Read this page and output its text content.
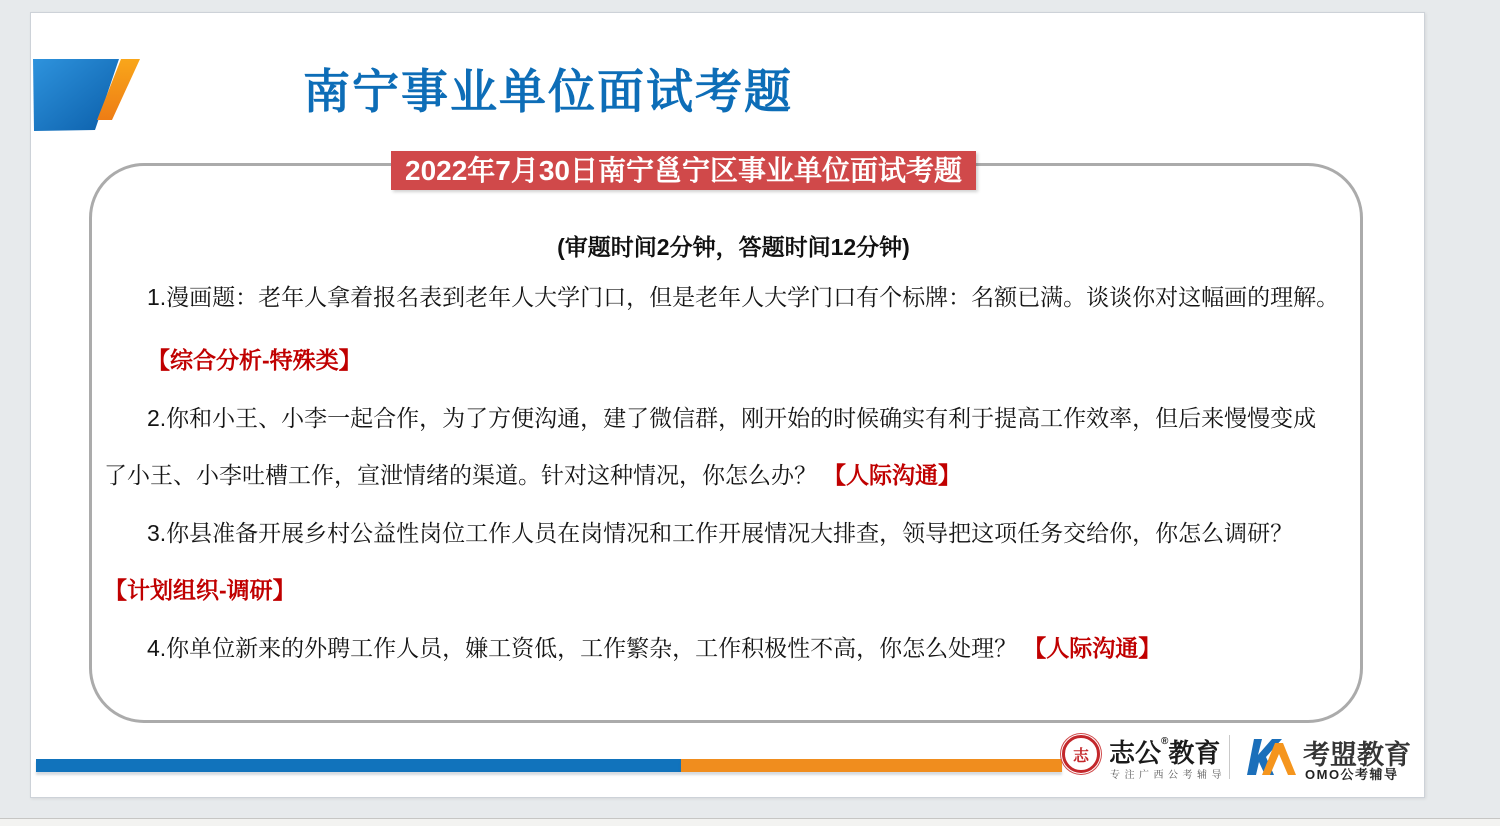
南宁事业单位面试考题
2022年7月30日南宁邕宁区事业单位面试考题
(审题时间2分钟，答题时间12分钟)
1.漫画题：老年人拿着报名表到老年人大学门口，但是老年人大学门口有个标牌：名额已满。谈谈你对这幅画的理解。
【综合分析-特殊类】
2.你和小王、小李一起合作，为了方便沟通，建了微信群，刚开始的时候确实有利于提高工作效率，但后来慢慢变成
了小王、小李吐槽工作，宣泄情绪的渠道。针对这种情况，你怎么办？ 【人际沟通】
3.你县准备开展乡村公益性岗位工作人员在岗情况和工作开展情况大排查，领导把这项任务交给你，你怎么调研？
【计划组织-调研】
4.你单位新来的外聘工作人员，嫌工资低，工作繁杂，工作积极性不高，你怎么处理？ 【人际沟通】
志 志公®教育
专注广西公考辅导
考盟教育
OMO公考辅导
